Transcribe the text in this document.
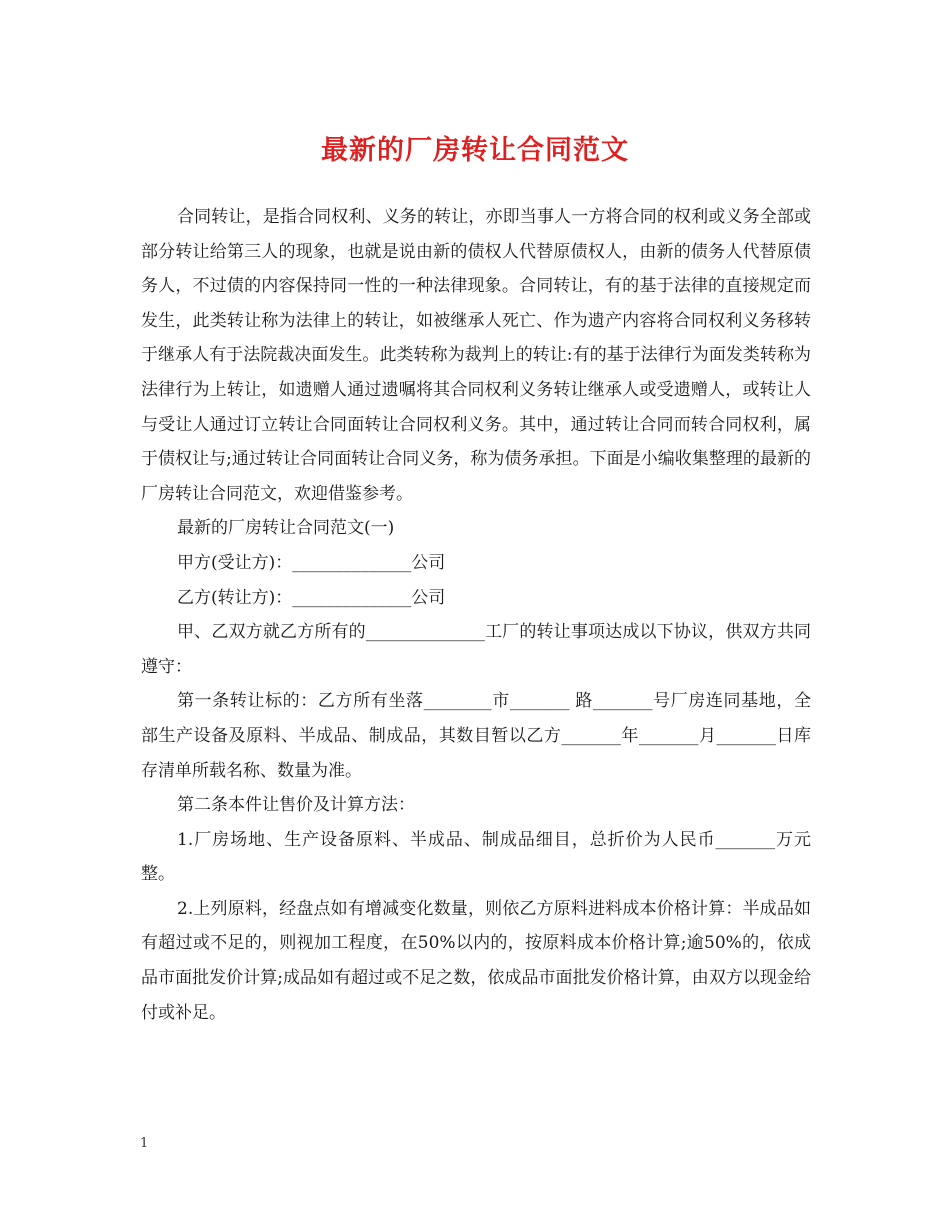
最新的厂房转让合同范文

合同转让，是指合同权利、义务的转让，亦即当事人一方将合同的权利或义务全部或部分转让给第三人的现象，也就是说由新的债权人代替原债权人，由新的债务人代替原债务人，不过债的内容保持同一性的一种法律现象。合同转让，有的基于法律的直接规定而发生，此类转让称为法律上的转让，如被继承人死亡、作为遗产内容将合同权利义务移转于继承人有于法院裁决面发生。此类转称为裁判上的转让:有的基于法律行为面发类转称为法律行为上转让，如遗赠人通过遗嘱将其合同权利义务转让继承人或受遗赠人，或转让人与受让人通过订立转让合同面转让合同权利义务。其中，通过转让合同而转合同权利，属于债权让与;通过转让合同面转让合同义务，称为债务承担。下面是小编收集整理的最新的厂房转让合同范文，欢迎借鉴参考。

最新的厂房转让合同范文(一)

甲方(受让方)：______________公司

乙方(转让方)：______________公司

甲、乙双方就乙方所有的______________工厂的转让事项达成以下协议，供双方共同遵守：

第一条转让标的：乙方所有坐落________市_______ 路_______号厂房连同基地，全部生产设备及原料、半成品、制成品，其数目暂以乙方_______年_______月_______日库存清单所载名称、数量为准。

第二条本件让售价及计算方法：

1.厂房场地、生产设备原料、半成品、制成品细目，总折价为人民币_______万元整。

2.上列原料，经盘点如有增减变化数量，则依乙方原料进料成本价格计算：半成品如有超过或不足的，则视加工程度，在50%以内的，按原料成本价格计算;逾50%的，依成品市面批发价计算;成品如有超过或不足之数，依成品市面批发价格计算，由双方以现金给付或补足。

1
